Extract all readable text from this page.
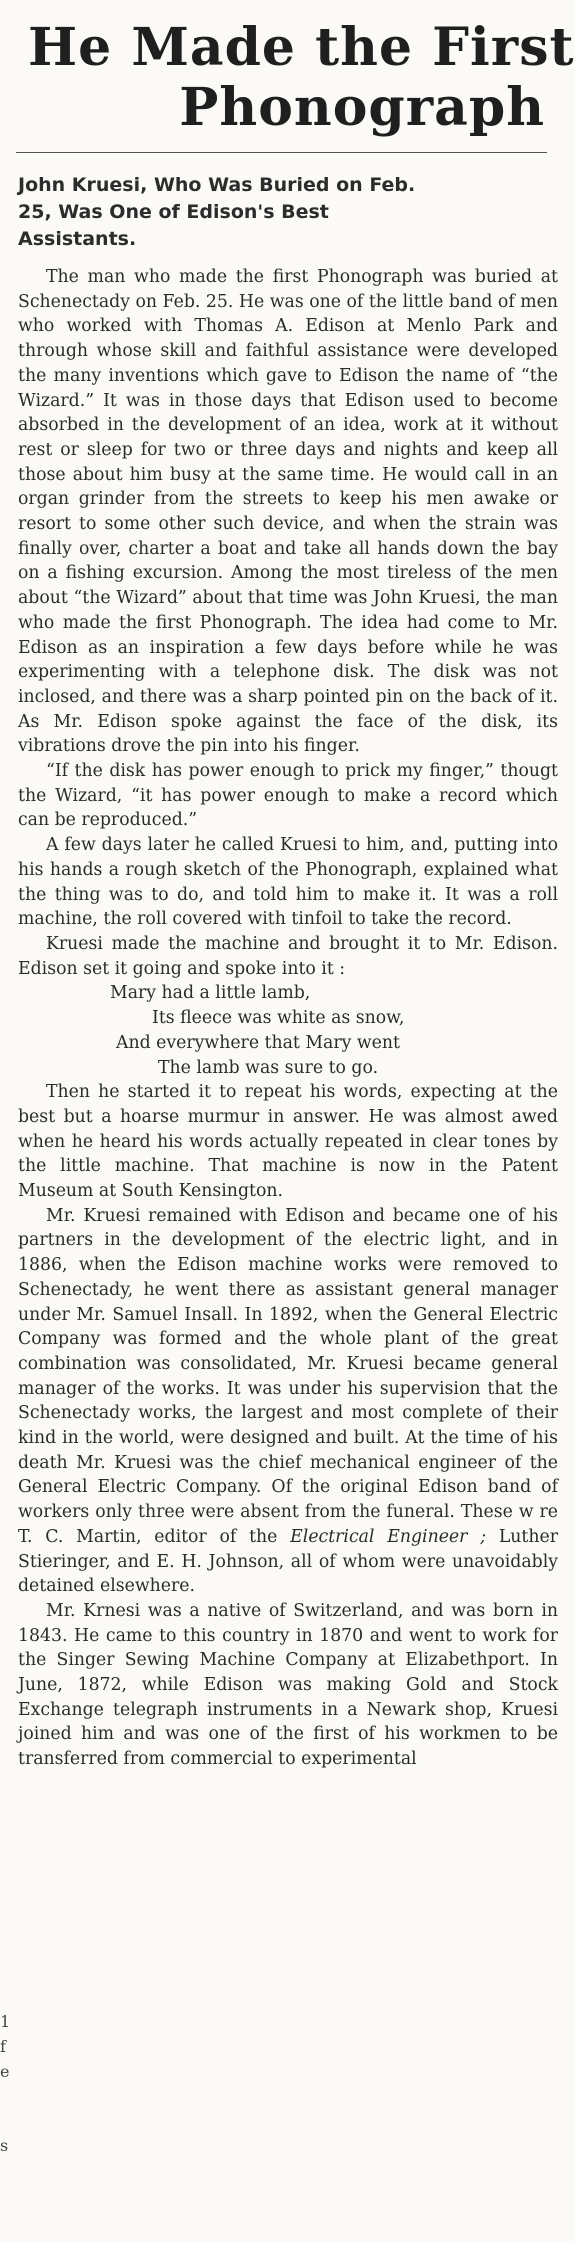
He Made the First
Phonograph
John Kruesi, Who Was Buried on Feb. 25, Was One of Edison's Best Assistants.

The man who made the first Phonograph was buried at Schenectady on Feb. 25. He was one of the little band of men who worked with Thomas A. Edison at Menlo Park and through whose skill and faithful assistance were developed the many inventions which gave to Edison the name of “the Wizard.” It was in those days that Edison used to become absorbed in the development of an idea, work at it without rest or sleep for two or three days and nights and keep all those about him busy at the same time. He would call in an organ grinder from the streets to keep his men awake or resort to some other such device, and when the strain was finally over, charter a boat and take all hands down the bay on a fishing excursion. Among the most tireless of the men about “the Wizard” about that time was John Kruesi, the man who made the first Phonograph. The idea had come to Mr. Edison as an inspiration a few days before while he was experimenting with a telephone disk. The disk was not inclosed, and there was a sharp pointed pin on the back of it. As Mr. Edison spoke against the face of the disk, its vibrations drove the pin into his finger.

“If the disk has power enough to prick my finger,” thougt the Wizard, “it has power enough to make a record which can be reproduced.”

A few days later he called Kruesi to him, and, putting into his hands a rough sketch of the Phonograph, explained what the thing was to do, and told him to make it. It was a roll machine, the roll covered with tinfoil to take the record.

Kruesi made the machine and brought it to Mr. Edison. Edison set it going and spoke into it :

Mary had a little lamb,
Its fleece was white as snow,
And everywhere that Mary went
The lamb was sure to go.

Then he started it to repeat his words, expecting at the best but a hoarse murmur in answer. He was almost awed when he heard his words actually repeated in clear tones by the little machine. That machine is now in the Patent Museum at South Kensington.

Mr. Kruesi remained with Edison and became one of his partners in the development of the electric light, and in 1886, when the Edison machine works were removed to Schenectady, he went there as assistant general manager under Mr. Samuel Insall. In 1892, when the General Electric Company was formed and the whole plant of the great combination was consolidated, Mr. Kruesi became general manager of the works. It was under his supervision that the Schenectady works, the largest and most complete of their kind in the world, were designed and built. At the time of his death Mr. Kruesi was the chief mechanical engineer of the General Electric Company. Of the original Edison band of workers only three were absent from the funeral. These w re T. C. Martin, editor of the Electrical Engineer ; Luther Stieringer, and E. H. Johnson, all of whom were unavoidably detained elsewhere.

Mr. Krnesi was a native of Switzerland, and was born in 1843. He came to this country in 1870 and went to work for the Singer Sewing Machine Company at Elizabethport. In June, 1872, while Edison was making Gold and Stock Exchange telegraph instruments in a Newark shop, Kruesi joined him and was one of the first of his workmen to be transferred from commercial to experimental

1
f
e
s
